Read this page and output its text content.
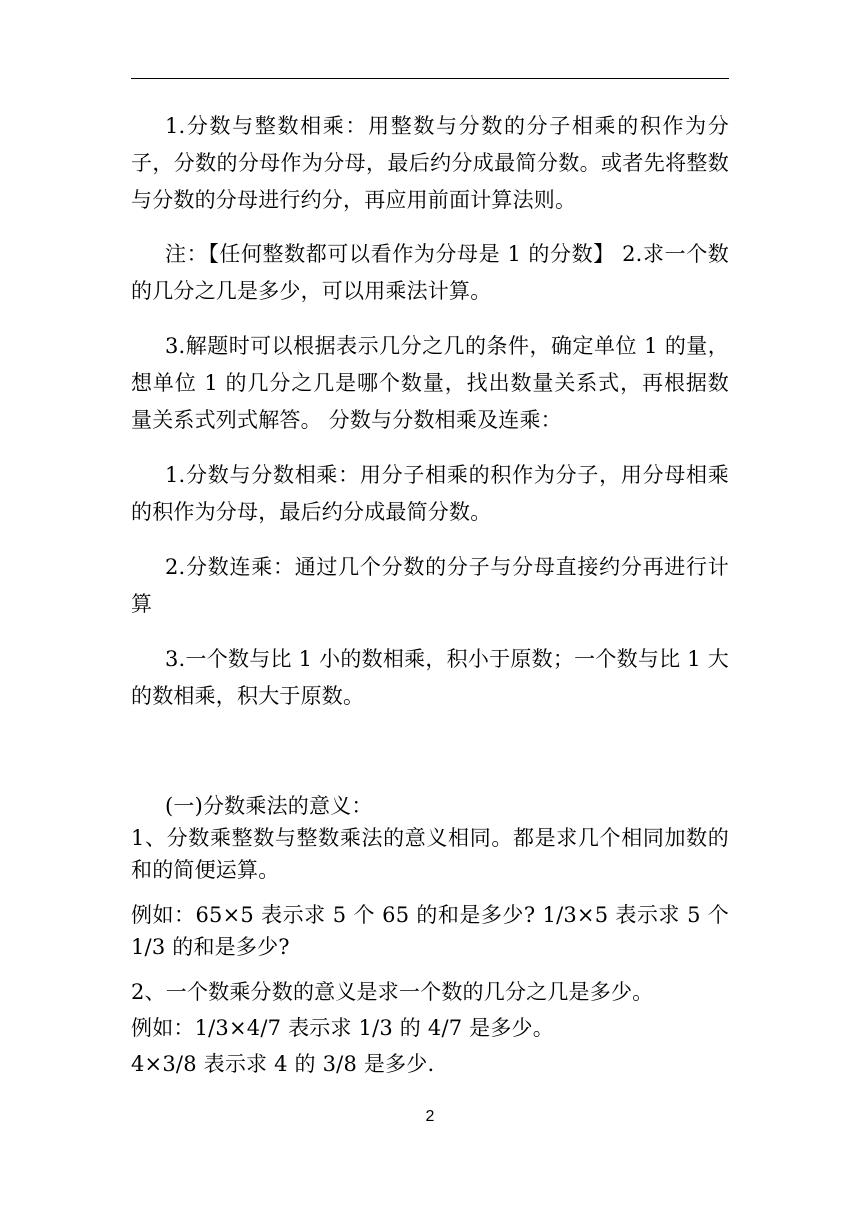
1.分数与整数相乘：用整数与分数的分子相乘的积作为分子，分数的分母作为分母，最后约分成最简分数。或者先将整数与分数的分母进行约分，再应用前面计算法则。
注：【任何整数都可以看作为分母是 1 的分数】 2.求一个数的几分之几是多少，可以用乘法计算。
3.解题时可以根据表示几分之几的条件，确定单位 1 的量，想单位 1 的几分之几是哪个数量，找出数量关系式，再根据数量关系式列式解答。 分数与分数相乘及连乘：
1.分数与分数相乘：用分子相乘的积作为分子，用分母相乘的积作为分母，最后约分成最简分数。
2.分数连乘：通过几个分数的分子与分母直接约分再进行计算
3.一个数与比 1 小的数相乘，积小于原数；一个数与比 1 大的数相乘，积大于原数。
(一)分数乘法的意义：
1、分数乘整数与整数乘法的意义相同。都是求几个相同加数的和的简便运算。
例如：65×5 表示求 5 个 65 的和是多少? 1/3×5 表示求 5 个 1/3 的和是多少?
2、一个数乘分数的意义是求一个数的几分之几是多少。
例如：1/3×4/7 表示求 1/3 的 4/7 是多少。
4×3/8 表示求 4 的 3/8 是多少.
2
